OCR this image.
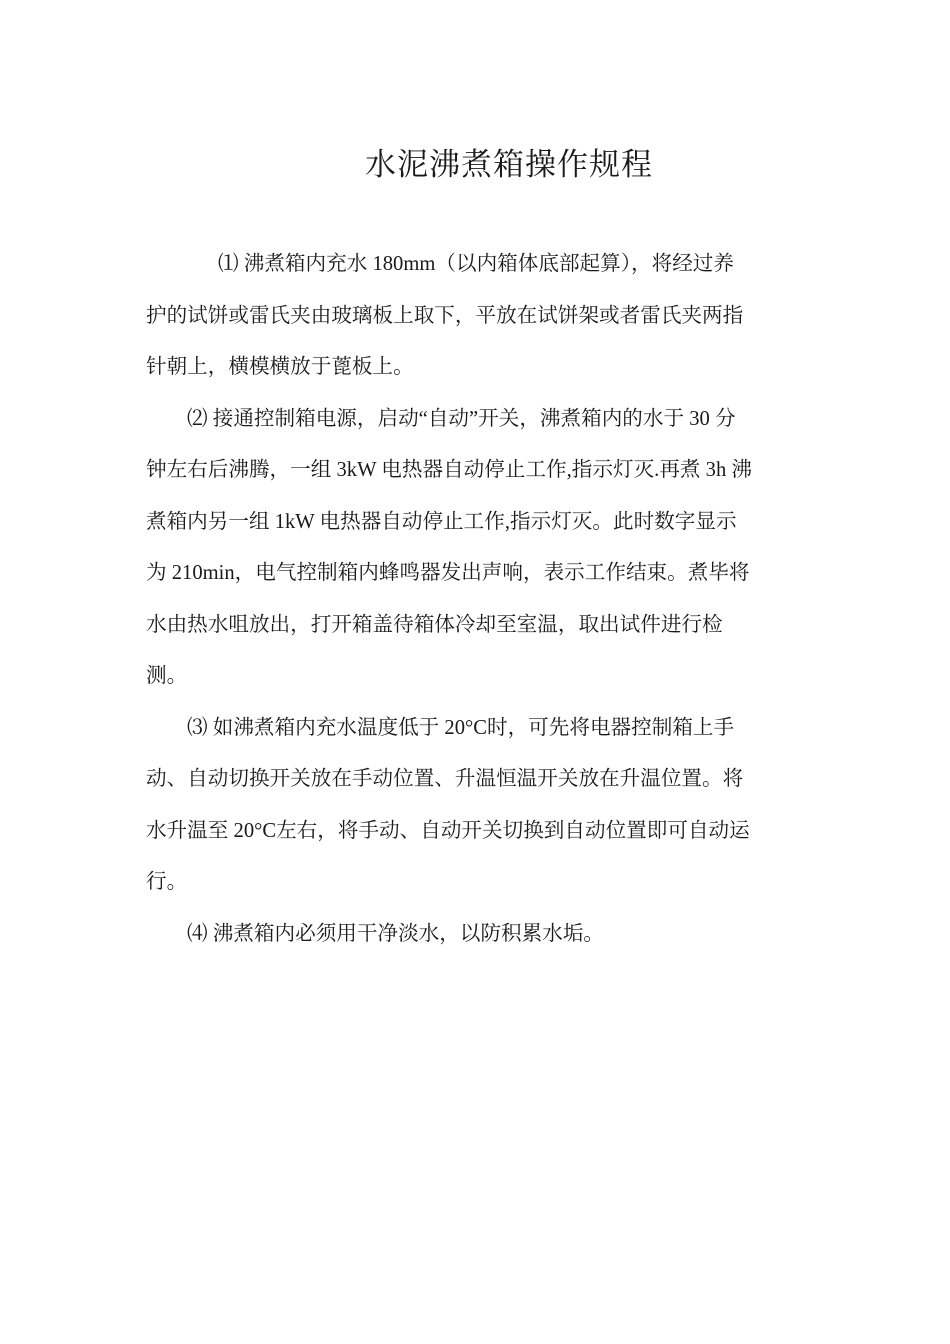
水泥沸煮箱操作规程

⑴ 沸煮箱内充水 180mm（以内箱体底部起算），将经过养
护的试饼或雷氏夹由玻璃板上取下，平放在试饼架或者雷氏夹两指
针朝上，横模横放于蓖板上。

⑵ 接通控制箱电源，启动“自动”开关，沸煮箱内的水于 30 分
钟左右后沸腾，一组 3kW 电热器自动停止工作,指示灯灭.再煮 3h 沸
煮箱内另一组 1kW 电热器自动停止工作,指示灯灭。此时数字显示
为 210min，电气控制箱内蜂鸣器发出声响，表示工作结束。煮毕将
水由热水咀放出，打开箱盖待箱体冷却至室温，取出试件进行检
测。

⑶ 如沸煮箱内充水温度低于 20°C时，可先将电器控制箱上手
动、自动切换开关放在手动位置、升温恒温开关放在升温位置。将
水升温至 20°C左右，将手动、自动开关切换到自动位置即可自动运
行。

⑷ 沸煮箱内必须用干净淡水，以防积累水垢。
